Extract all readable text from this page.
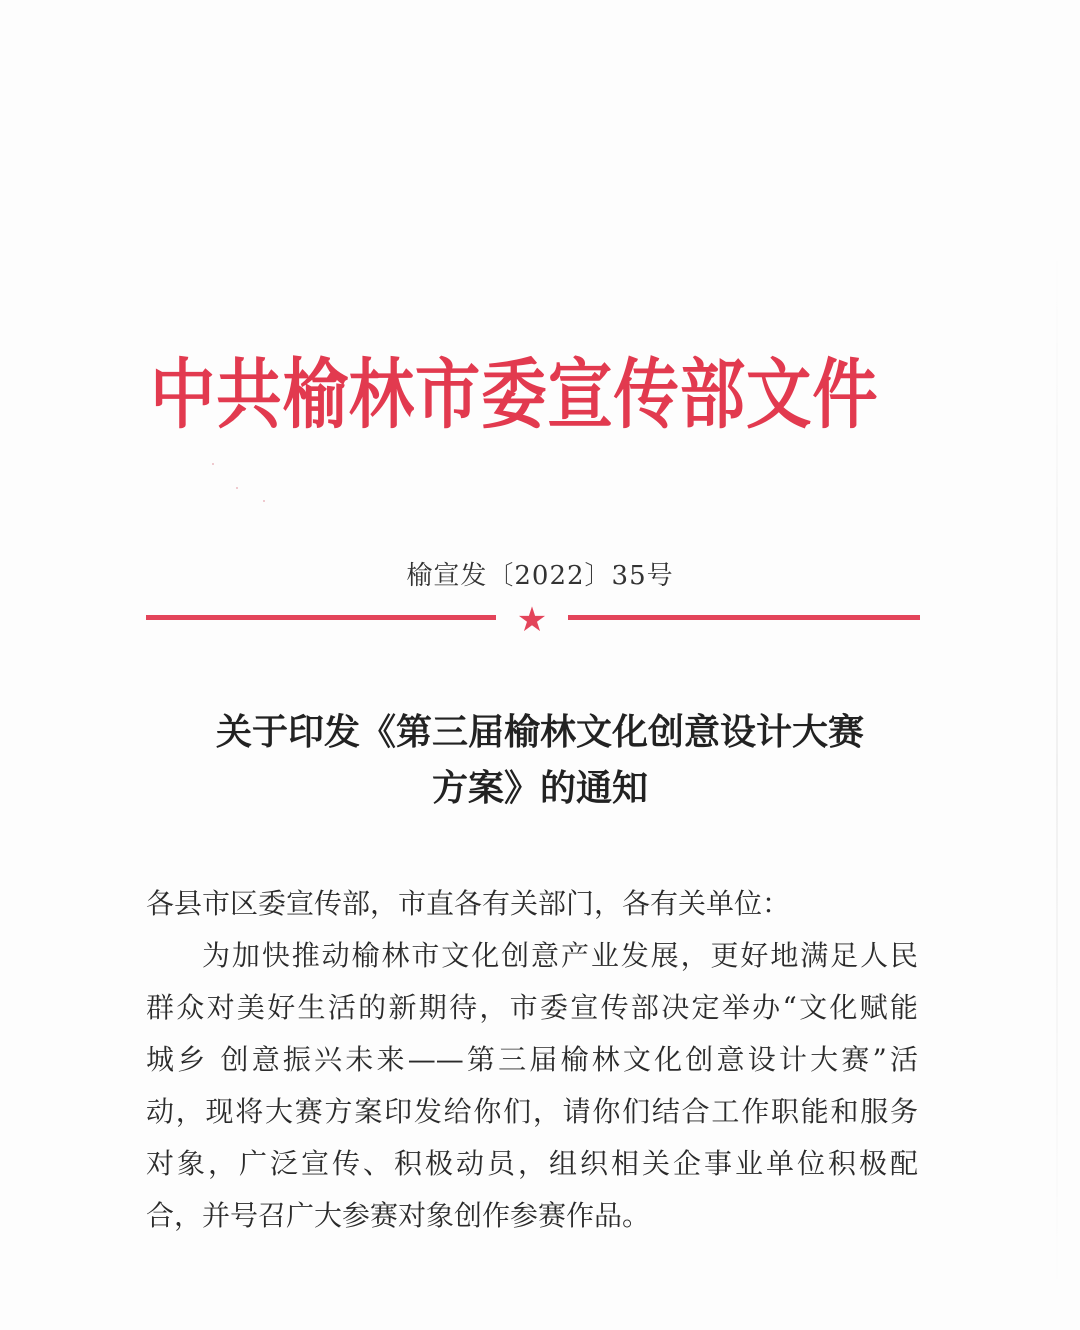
中共榆林市委宣传部文件
榆宣发〔2022〕35号
★
关于印发《第三届榆林文化创意设计大赛
方案》的通知
各县市区委宣传部，市直各有关部门，各有关单位：
为加快推动榆林市文化创意产业发展，更好地满足人民
群众对美好生活的新期待，市委宣传部决定举办“文化赋能
城乡 创意振兴未来——第三届榆林文化创意设计大赛”活
动，现将大赛方案印发给你们，请你们结合工作职能和服务
对象，广泛宣传、积极动员，组织相关企事业单位积极配
合，并号召广大参赛对象创作参赛作品。
